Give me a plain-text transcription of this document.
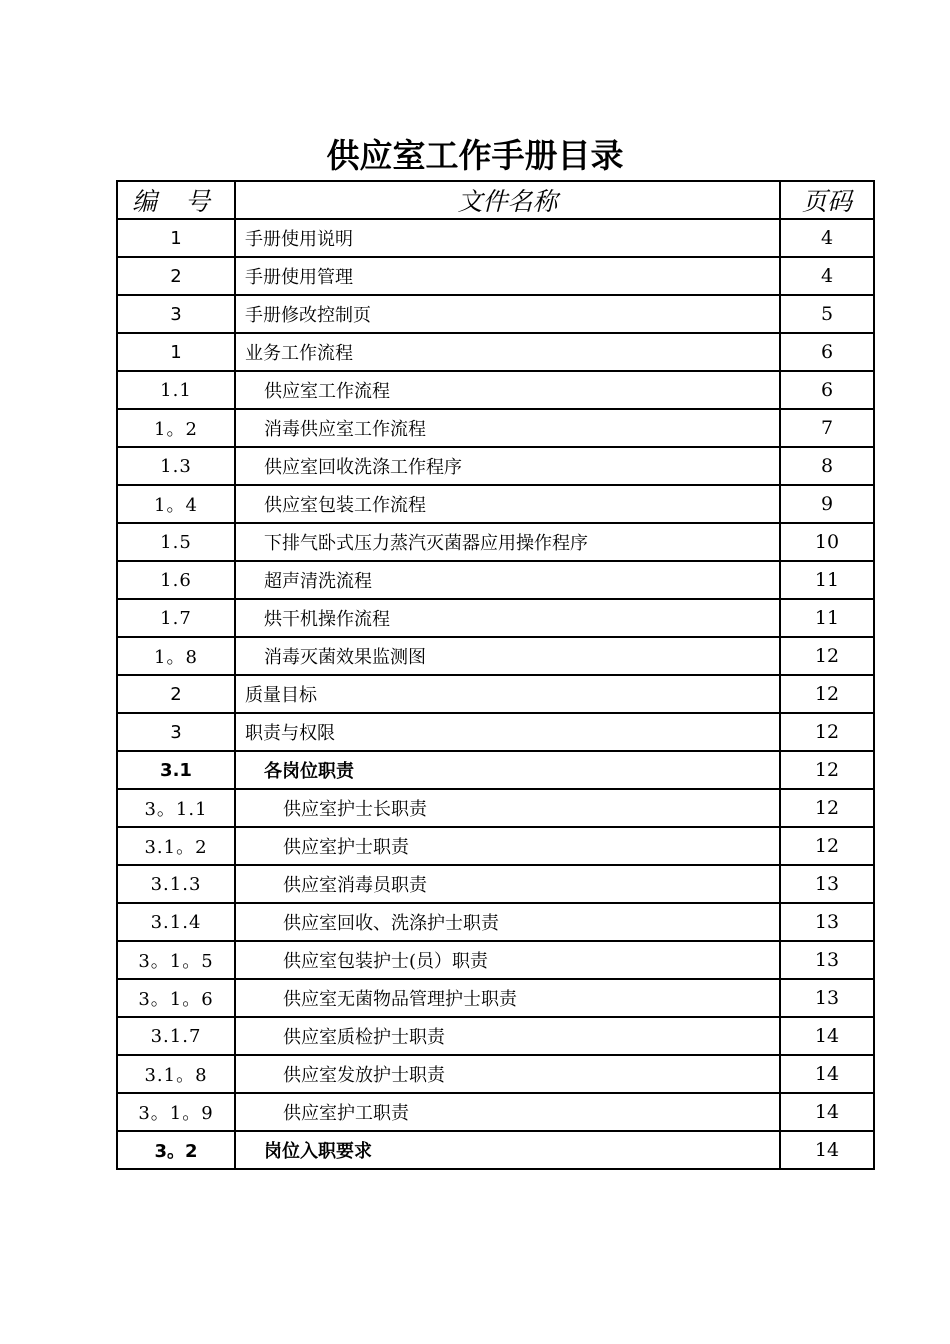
供应室工作手册目录
编 号	文件名称	页码
1	手册使用说明	4
2	手册使用管理	4
3	手册修改控制页	5
1	业务工作流程	6
1.1	供应室工作流程	6
1。2	消毒供应室工作流程	7
1.3	供应室回收洗涤工作程序	8
1。4	供应室包装工作流程	9
1.5	下排气卧式压力蒸汽灭菌器应用操作程序	10
1.6	超声清洗流程	11
1.7	烘干机操作流程	11
1。8	消毒灭菌效果监测图	12
2	质量目标	12
3	职责与权限	12
3.1	各岗位职责	12
3。1.1	供应室护士长职责	12
3.1。2	供应室护士职责	12
3.1.3	供应室消毒员职责	13
3.1.4	供应室回收、洗涤护士职责	13
3。1。5	供应室包装护士(员）职责	13
3。1。6	供应室无菌物品管理护士职责	13
3.1.7	供应室质检护士职责	14
3.1。8	供应室发放护士职责	14
3。1。9	供应室护工职责	14
3。2	岗位入职要求	14
